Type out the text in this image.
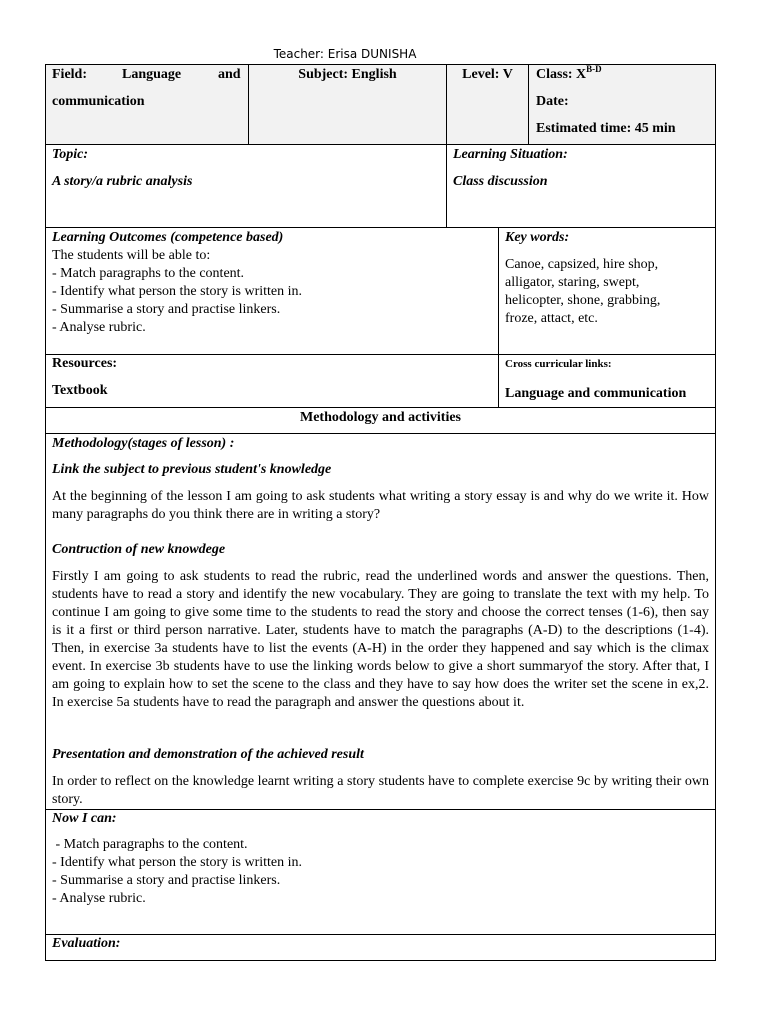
Teacher: Erisa DUNISHA
Field:	Language	and
communication
Subject: English	Level: V	Class: $X^{B-D}$
Date:
Estimated time: 45 min
Topic:
A story/a rubric analysis
Learning Situation:
Class discussion
Learning Outcomes (competence based)
The students will be able to:
- Match paragraphs to the content.
- Identify what person the story is written in.
- Summarise a story and practise linkers.
- Analyse rubric.
Key words:
Canoe, capsized, hire shop,
alligator, staring, swept,
helicopter, shone, grabbing,
froze, attact, etc.
Resources:
Textbook
Cross curricular links:
Language and communication
Methodology and activities
Methodology(stages of lesson) :
Link the subject to previous student's knowledge
At the beginning of the lesson I am going to ask students what writing a story essay is and why do we write it. How many paragraphs do you think there are in writing a story?
Contruction of new knowdege
Firstly I am going to ask students to read the rubric, read the underlined words and answer the questions. Then, students have to read a story and identify the new vocabulary. They are going to translate the text with my help. To continue I am going to give some time to the students to read the story and choose the correct tenses (1-6), then say is it a first or third person narrative. Later, students have to match the paragraphs (A-D) to the descriptions (1-4). Then, in exercise 3a students have to list the events (A-H) in the order they happened and say which is the climax event. In exercise 3b students have to use the linking words below to give a short summaryof the story. After that, I am going to explain how to set the scene to the class and they have to say how does the writer set the scene in ex,2. In exercise 5a students have to read the paragraph and answer the questions about it.
Presentation and demonstration of the achieved result
In order to reflect on the knowledge learnt writing a story students have to complete exercise 9c by writing their own story.
Now I can:
- Match paragraphs to the content.
- Identify what person the story is written in.
- Summarise a story and practise linkers.
- Analyse rubric.
Evaluation:
